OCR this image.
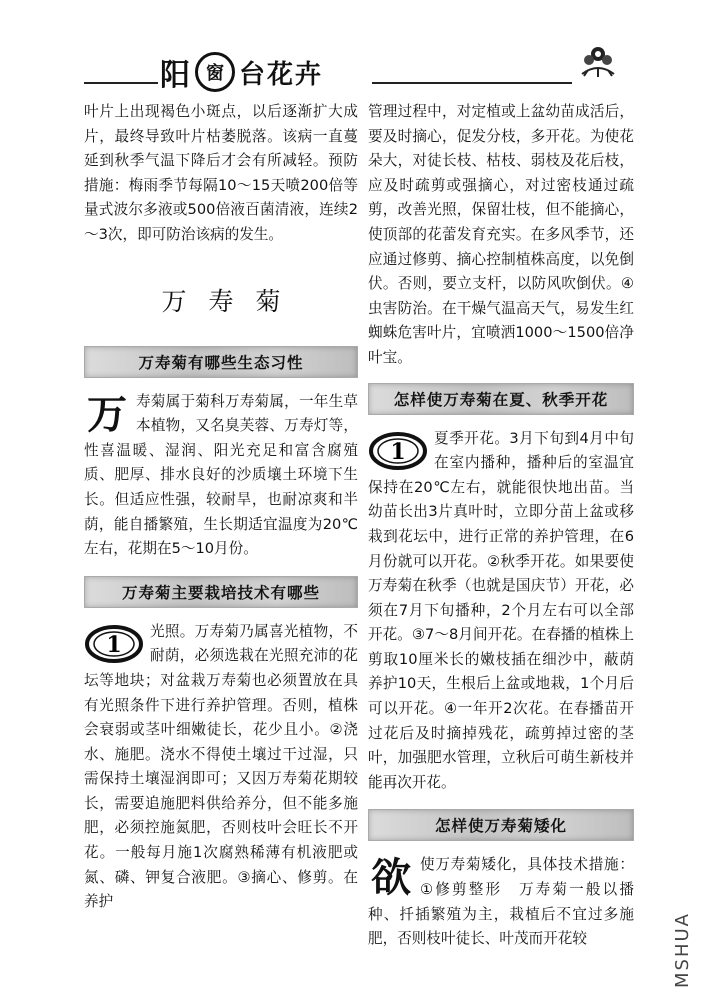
阳 窗 台花卉

叶片上出现褐色小斑点，以后逐渐扩大成片，最终导致叶片枯萎脱落。该病一直蔓延到秋季气温下降后才会有所减轻。预防措施：梅雨季节每隔10～15天喷200倍等量式波尔多液或500倍液百菌清液，连续2～3次，即可防治该病的发生。

万寿菊
万寿菊有哪些生态习性
万 寿菊属于菊科万寿菊属，一年生草本植物，又名臭芙蓉、万寿灯等，性喜温暖、湿润、阳光充足和富含腐殖质、肥厚、排水良好的沙质壤土环境下生长。但适应性强，较耐旱，也耐凉爽和半荫，能自播繁殖，生长期适宜温度为20℃左右，花期在5～10月份。

万寿菊主要栽培技术有哪些
1

光照。万寿菊乃属喜光植物，不耐荫，必须选栽在光照充沛的花坛等地块；对盆栽万寿菊也必须置放在具有光照条件下进行养护管理。否则，植株会衰弱或茎叶细嫩徒长，花少且小。②浇水、施肥。浇水不得使土壤过干过湿，只需保持土壤湿润即可；又因万寿菊花期较长，需要追施肥料供给养分，但不能多施肥，必须控施氮肥，否则枝叶会旺长不开花。一般每月施1次腐熟稀薄有机液肥或氮、磷、钾复合液肥。③摘心、修剪。在养护

管理过程中，对定植或上盆幼苗成活后，要及时摘心，促发分枝，多开花。为使花朵大，对徒长枝、枯枝、弱枝及花后枝，应及时疏剪或强摘心，对过密枝通过疏剪，改善光照，保留壮枝，但不能摘心，使顶部的花蕾发育充实。在多风季节，还应通过修剪、摘心控制植株高度，以免倒伏。否则，要立支杆，以防风吹倒伏。④虫害防治。在干燥气温高天气，易发生红蜘蛛危害叶片，宜喷洒1000～1500倍净叶宝。

怎样使万寿菊在夏、秋季开花
1

夏季开花。3月下旬到4月中旬在室内播种，播种后的室温宜保持在20℃左右，就能很快地出苗。当幼苗长出3片真叶时，立即分苗上盆或移栽到花坛中，进行正常的养护管理，在6月份就可以开花。②秋季开花。如果要使万寿菊在秋季（也就是国庆节）开花，必须在7月下旬播种，2个月左右可以全部开花。③7～8月间开花。在春播的植株上剪取10厘米长的嫩枝插在细沙中，蔽荫养护10天，生根后上盆或地栽，1个月后可以开花。④一年开2次花。在春播苗开过花后及时摘掉残花，疏剪掉过密的茎叶，加强肥水管理，立秋后可萌生新枝并能再次开花。

怎样使万寿菊矮化
欲 使万寿菊矮化，具体技术措施：①修剪整形　万寿菊一般以播种、扦插繁殖为主，栽植后不宜过多施肥，否则枝叶徒长、叶茂而开花较	MSHUA
